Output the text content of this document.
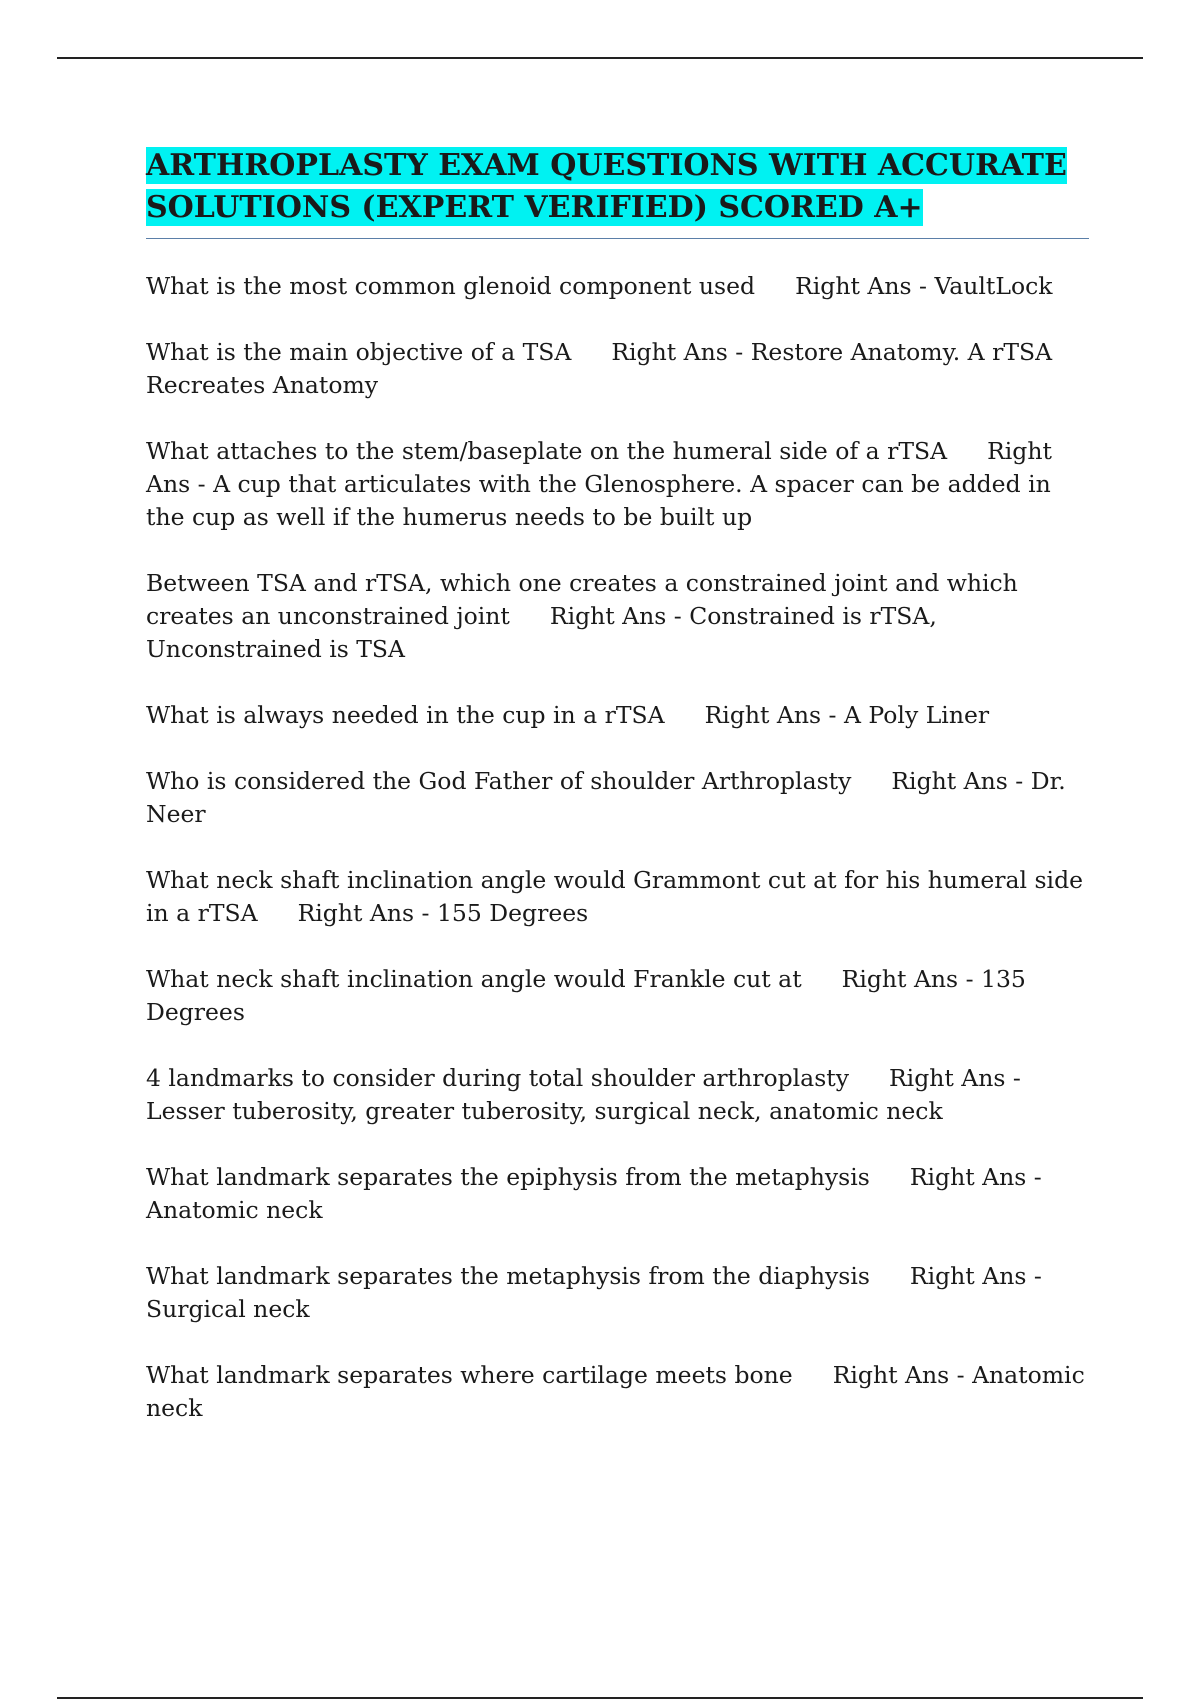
ARTHROPLASTY EXAM QUESTIONS WITH ACCURATE SOLUTIONS (EXPERT VERIFIED) SCORED A+

What is the most common glenoid component used Right Ans - VaultLock

What is the main objective of a TSA Right Ans - Restore Anatomy. A rTSA Recreates Anatomy

What attaches to the stem/baseplate on the humeral side of a rTSA Right Ans - A cup that articulates with the Glenosphere. A spacer can be added in the cup as well if the humerus needs to be built up

Between TSA and rTSA, which one creates a constrained joint and which creates an unconstrained joint Right Ans - Constrained is rTSA, Unconstrained is TSA

What is always needed in the cup in a rTSA Right Ans - A Poly Liner

Who is considered the God Father of shoulder Arthroplasty Right Ans - Dr. Neer

What neck shaft inclination angle would Grammont cut at for his humeral side in a rTSA Right Ans - 155 Degrees

What neck shaft inclination angle would Frankle cut at Right Ans - 135 Degrees

4 landmarks to consider during total shoulder arthroplasty Right Ans - Lesser tuberosity, greater tuberosity, surgical neck, anatomic neck

What landmark separates the epiphysis from the metaphysis Right Ans - Anatomic neck

What landmark separates the metaphysis from the diaphysis Right Ans - Surgical neck

What landmark separates where cartilage meets bone Right Ans - Anatomic neck
